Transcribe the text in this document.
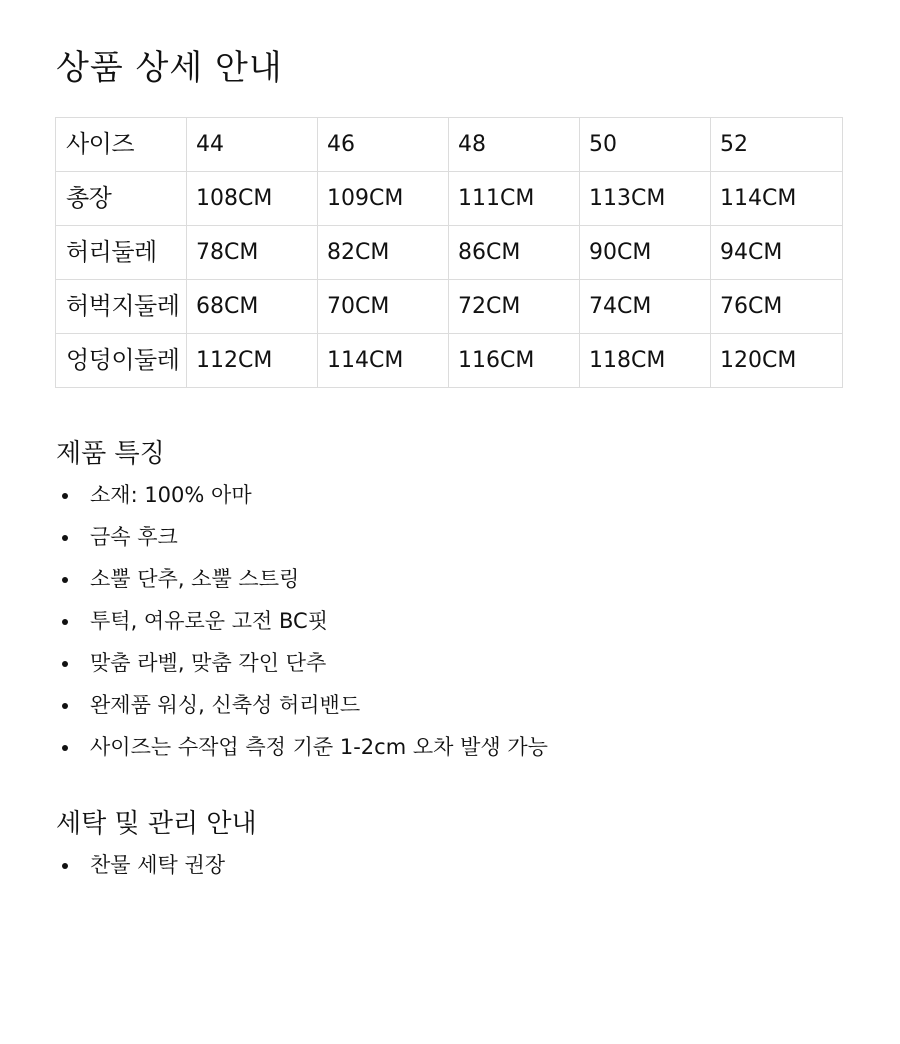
상품 상세 안내
사이즈	44	46	48	50	52
총장	108CM	109CM	111CM	113CM	114CM
허리둘레	78CM	82CM	86CM	90CM	94CM
허벅지둘레	68CM	70CM	72CM	74CM	76CM
엉덩이둘레	112CM	114CM	116CM	118CM	120CM
제품 특징
소재: 100% 아마
금속 후크
소뿔 단추, 소뿔 스트링
투턱, 여유로운 고전 BC핏
맞춤 라벨, 맞춤 각인 단추
완제품 워싱, 신축성 허리밴드
사이즈는 수작업 측정 기준 1-2cm 오차 발생 가능
세탁 및 관리 안내
찬물 세탁 권장
